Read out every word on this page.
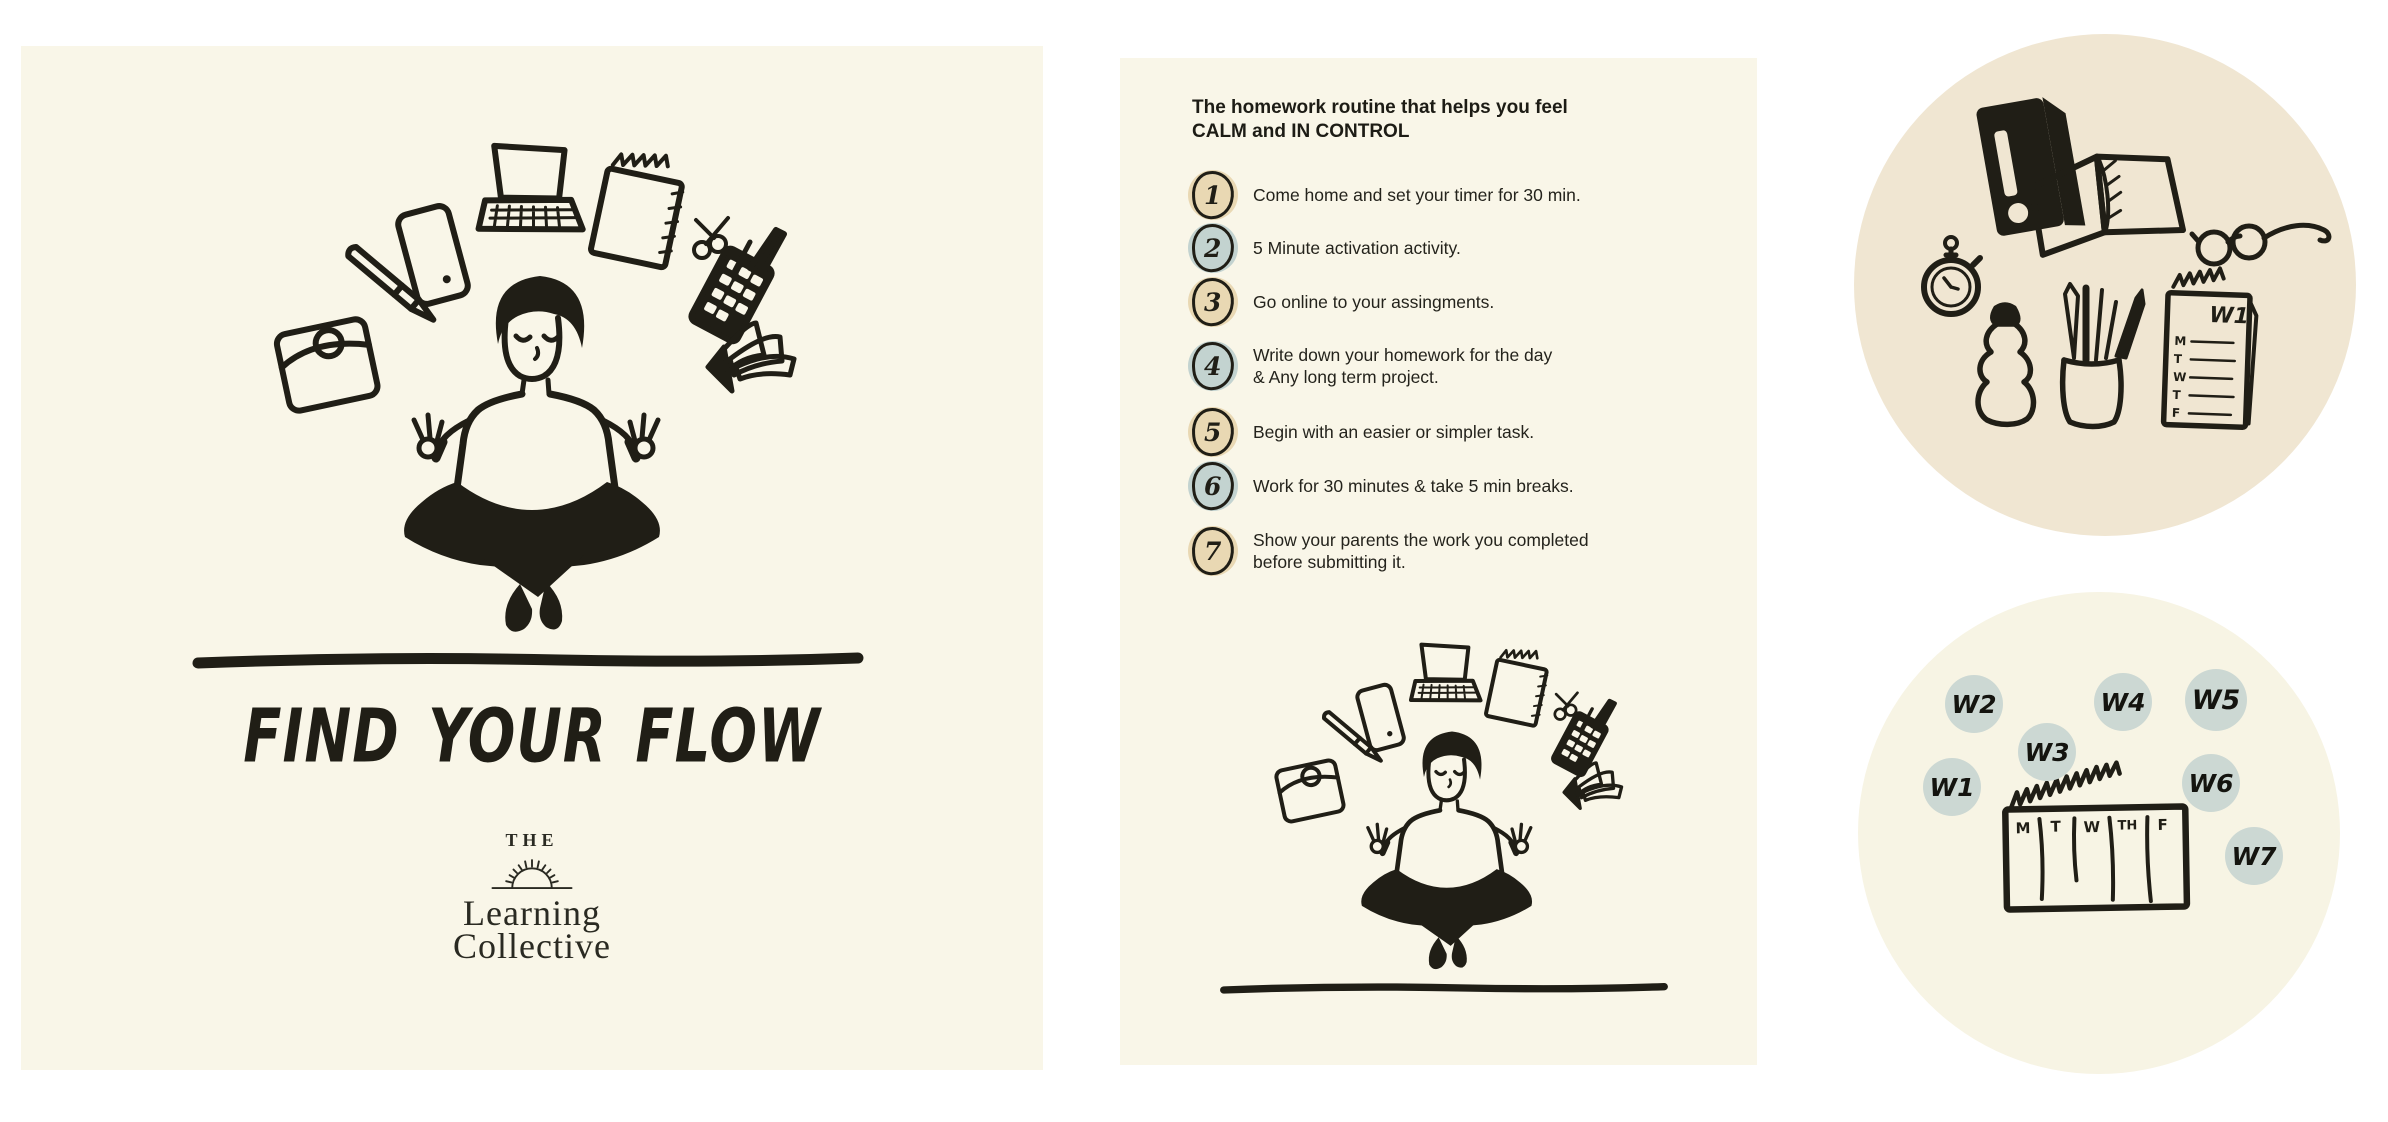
FIND YOUR FLOW
THE
Learning
Collective
The homework routine that helps you feel
CALM and IN CONTROL
1 Come home and set your timer for 30 min.
2 5 Minute activation activity.
3 Go online to your assingments.
4 Write down your homework for the day
& Any long term project.
5 Begin with an easier or simpler task.
6 Work for 30 minutes & take 5 min breaks.
7 Show your parents the work you completed
before submitting it.
W1
M
T
W
T
F
M T W TH F
W1
W2
W3
W4 W5
W6
W7
